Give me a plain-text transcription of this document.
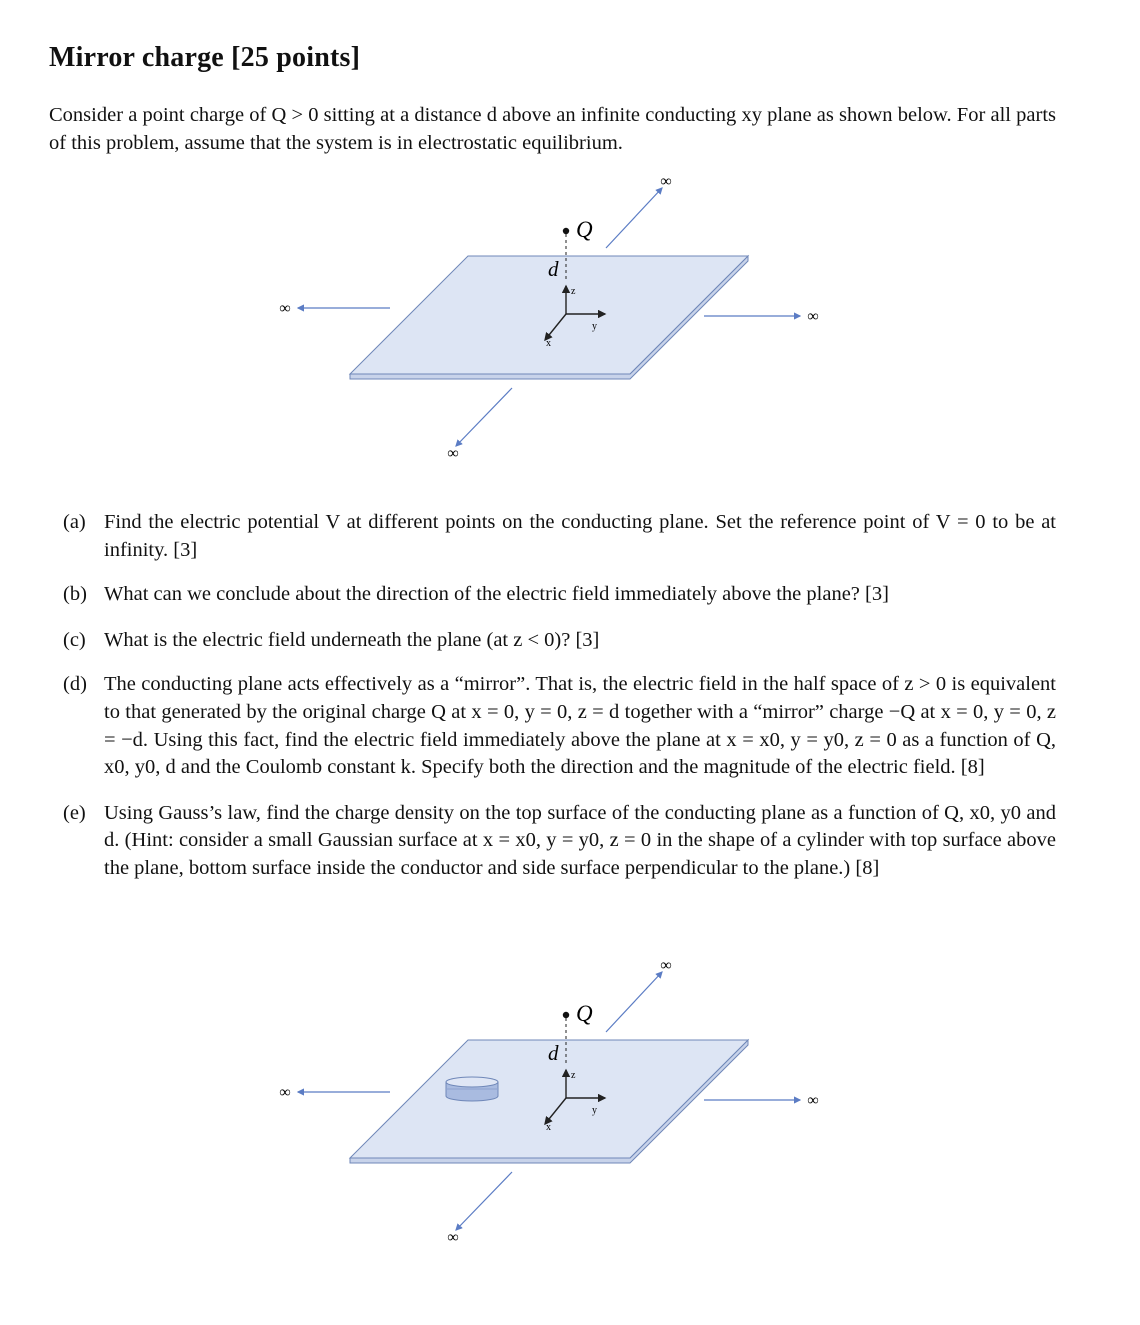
Mirror charge [25 points]

Consider a point charge of Q > 0 sitting at a distance d above an infinite conducting xy plane as shown below. For all parts of this problem, assume that the system is in electrostatic equilibrium.

∞
∞	∞
∞
Q
d
z
y
x
(a) Find the electric potential V at different points on the conducting plane. Set the reference point of V = 0 to be at infinity. [3]
(b) What can we conclude about the direction of the electric field immediately above the plane? [3]
(c) What is the electric field underneath the plane (at z < 0)? [3]
(d) The conducting plane acts effectively as a “mirror”. That is, the electric field in the half space of z > 0 is equivalent to that generated by the original charge Q at x = 0, y = 0, z = d together with a “mirror” charge −Q at x = 0, y = 0, z = −d. Using this fact, find the electric field immediately above the plane at x = x0, y = y0, z = 0 as a function of Q, x0, y0, d and the Coulomb constant k. Specify both the direction and the magnitude of the electric field. [8]
(e) Using Gauss’s law, find the charge density on the top surface of the conducting plane as a function of Q, x0, y0 and d. (Hint: consider a small Gaussian surface at x = x0, y = y0, z = 0 in the shape of a cylinder with top surface above the plane, bottom surface inside the conductor and side surface perpendicular to the plane.) [8]
∞
∞	∞
∞
Q
d
z
y
x
